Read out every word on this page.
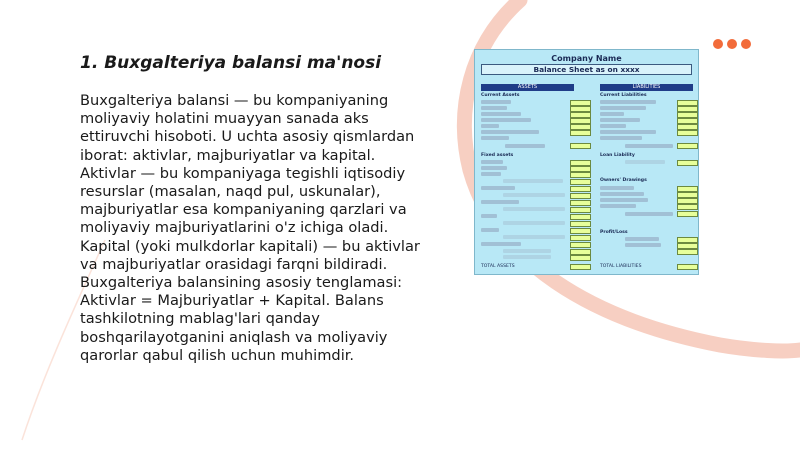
1. Buxgalteriya balansi ma'nosi
Buxgalteriya balansi — bu kompaniyaning moliyaviy holatini muayyan sanada aks ettiruvchi hisoboti. U uchta asosiy qismlardan iborat: aktivlar, majburiyatlar va kapital. Aktivlar — bu kompaniyaga tegishli iqtisodiy resurslar (masalan, naqd pul, uskunalar), majburiyatlar esa kompaniyaning qarzlari va moliyaviy majburiyatlarini o'z ichiga oladi. Kapital (yoki mulkdorlar kapitali) — bu aktivlar va majburiyatlar orasidagi farqni bildiradi. Buxgalteriya balansining asosiy tenglamasi: Aktivlar = Majburiyatlar + Kapital. Balans tashkilotning mablag'lari qanday boshqarilayotganini aniqlash va moliyaviy qarorlar qabul qilish uchun muhimdir.
Company Name
Balance Sheet as on xxxx
ASSETS	LIABILITIES
Current Assets
Fixed assets
TOTAL ASSETS
Current Liabilities
Loan Liability
Owners' Drawings
Profit/Loss
TOTAL LIABILITIES
